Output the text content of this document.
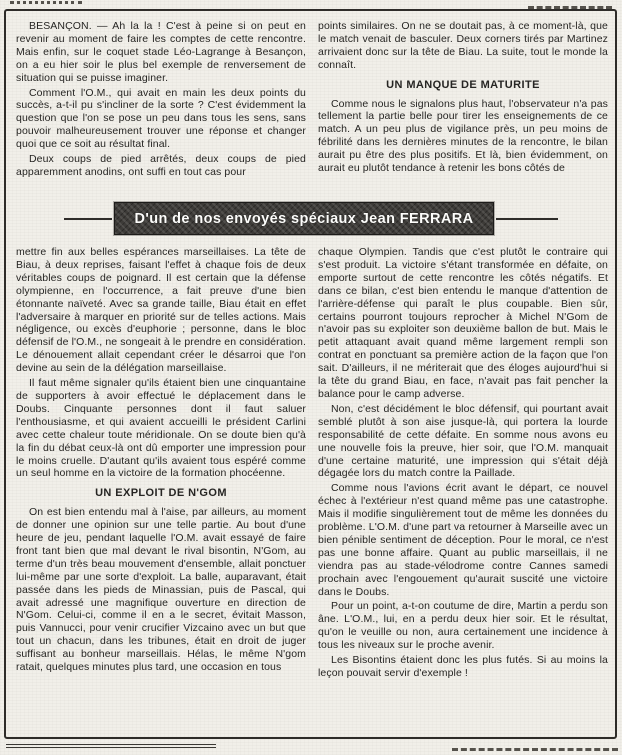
BESANÇON. — Ah la la ! C'est à peine si on peut en revenir au moment de faire les comptes de cette rencontre. Mais enfin, sur le coquet stade Léo-Lagrange à Besançon, on a eu hier soir le plus bel exemple de renversement de situation qui se puisse imaginer.

Comment l'O.M., qui avait en main les deux points du succès, a-t-il pu s'incliner de la sorte ? C'est évidemment la question que l'on se pose un peu dans tous les sens, sans pouvoir malheureusement trouver une réponse et changer quoi que ce soit au résultat final.

Deux coups de pied arrêtés, deux coups de pied apparemment anodins, ont suffi en tout cas pour

points similaires. On ne se doutait pas, à ce moment-là, que le match venait de basculer. Deux corners tirés par Martinez arrivaient donc sur la tête de Biau. La suite, tout le monde la connaît.

UN MANQUE DE MATURITE

Comme nous le signalons plus haut, l'observateur n'a pas tellement la partie belle pour tirer les enseignements de ce match. A un peu plus de vigilance près, un peu moins de fébrilité dans les dernières minutes de la rencontre, le bilan aurait pu être des plus positifs. Et là, bien évidemment, on aurait eu plutôt tendance à retenir les bons côtés de

D'un de nos envoyés spéciaux Jean FERRARA

mettre fin aux belles espérances marseillaises. La tête de Biau, à deux reprises, faisant l'effet à chaque fois de deux véritables coups de poignard. Il est certain que la défense olympienne, en l'occurrence, a fait preuve d'une bien étonnante naïveté. Avec sa grande taille, Biau était en effet l'adversaire à marquer en priorité sur de telles actions. Mais négligence, ou excès d'euphorie ; personne, dans le bloc défensif de l'O.M., ne songeait à le prendre en considération. Le dénouement allait cependant créer le désarroi que l'on devine au sein de la délégation marseillaise.

Il faut même signaler qu'ils étaient bien une cinquantaine de supporters à avoir effectué le déplacement dans le Doubs. Cinquante personnes dont il faut saluer l'enthousiasme, et qui avaient accueilli le président Carlini avec cette chaleur toute méridionale. On se doute bien qu'à la fin du débat ceux-là ont dû emporter une impression pour le moins cruelle. D'autant qu'ils avaient tous espéré comme un seul homme en la victoire de la formation phocéenne.

UN EXPLOIT DE N'GOM

On est bien entendu mal à l'aise, par ailleurs, au moment de donner une opinion sur une telle partie. Au bout d'une heure de jeu, pendant laquelle l'O.M. avait essayé de faire front tant bien que mal devant le rival bisontin, N'Gom, au terme d'un très beau mouvement d'ensemble, allait ponctuer lui-même par une sorte d'exploit. La balle, auparavant, était passée dans les pieds de Minassian, puis de Pascal, qui avait adressé une magnifique ouverture en direction de N'Gom. Celui-ci, comme il en a le secret, évitait Masson, puis Vannucci, pour venir crucifier Vizcaino avec un but que tout un chacun, dans les tribunes, était en droit de juger suffisant au bonheur marseillais. Hélas, le même N'gom ratait, quelques minutes plus tard, une occasion en tous

chaque Olympien. Tandis que c'est plutôt le contraire qui s'est produit. La victoire s'étant transformée en défaite, on emporte surtout de cette rencontre les côtés négatifs. Et dans ce bilan, c'est bien entendu le manque d'attention de l'arrière-défense qui paraît le plus coupable. Bien sûr, certains pourront toujours reprocher à Michel N'Gom de n'avoir pas su exploiter son deuxième ballon de but. Mais le petit attaquant avait quand même largement rempli son contrat en ponctuant sa première action de la façon que l'on sait. D'ailleurs, il ne mériterait que des éloges aujourd'hui si la tête du grand Biau, en face, n'avait pas fait pencher la balance pour le camp adverse.

Non, c'est décidément le bloc défensif, qui pourtant avait semblé plutôt à son aise jusque-là, qui portera la lourde responsabilité de cette défaite. En somme nous avons eu une nouvelle fois la preuve, hier soir, que l'O.M. manquait d'une certaine maturité, une impression qui s'était déjà dégagée lors du match contre la Paillade.

Comme nous l'avions écrit avant le départ, ce nouvel échec à l'extérieur n'est quand même pas une catastrophe. Mais il modifie singulièrement tout de même les données du problème. L'O.M. d'une part va retourner à Marseille avec un bien pénible sentiment de déception. Pour le moral, ce n'est pas une bonne affaire. Quant au public marseillais, il ne viendra pas au stade-vélodrome contre Cannes samedi prochain avec l'engouement qu'aurait suscité une victoire dans le Doubs.

Pour un point, a-t-on coutume de dire, Martin a perdu son âne. L'O.M., lui, en a perdu deux hier soir. Et le résultat, qu'on le veuille ou non, aura certainement une incidence à tous les niveaux sur le proche avenir.

Les Bisontins étaient donc les plus futés. Si au moins la leçon pouvait servir d'exemple !
